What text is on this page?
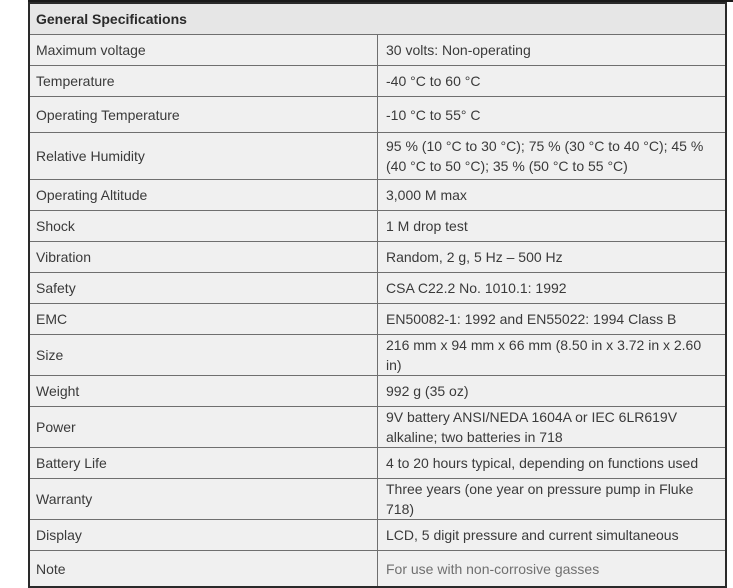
General Specifications	
Maximum voltage	30 volts: Non-operating
Temperature	-40 °C to 60 °C
Operating Temperature	-10 °C to 55° C
Relative Humidity	95 % (10 °C to 30 °C); 75 % (30 °C to 40 °C); 45 % (40 °C to 50 °C); 35 % (50 °C to 55 °C)
Operating Altitude	3,000 M max
Shock	1 M drop test
Vibration	Random, 2 g, 5 Hz – 500 Hz
Safety	CSA C22.2 No. 1010.1: 1992
EMC	EN50082-1: 1992 and EN55022: 1994 Class B
Size	216 mm x 94 mm x 66 mm (8.50 in x 3.72 in x 2.60 in)
Weight	992 g (35 oz)
Power	9V battery ANSI/NEDA 1604A or IEC 6LR619V alkaline; two batteries in 718
Battery Life	4 to 20 hours typical, depending on functions used
Warranty	Three years (one year on pressure pump in Fluke 718)
Display	LCD, 5 digit pressure and current simultaneous
Note	For use with non-corrosive gasses
